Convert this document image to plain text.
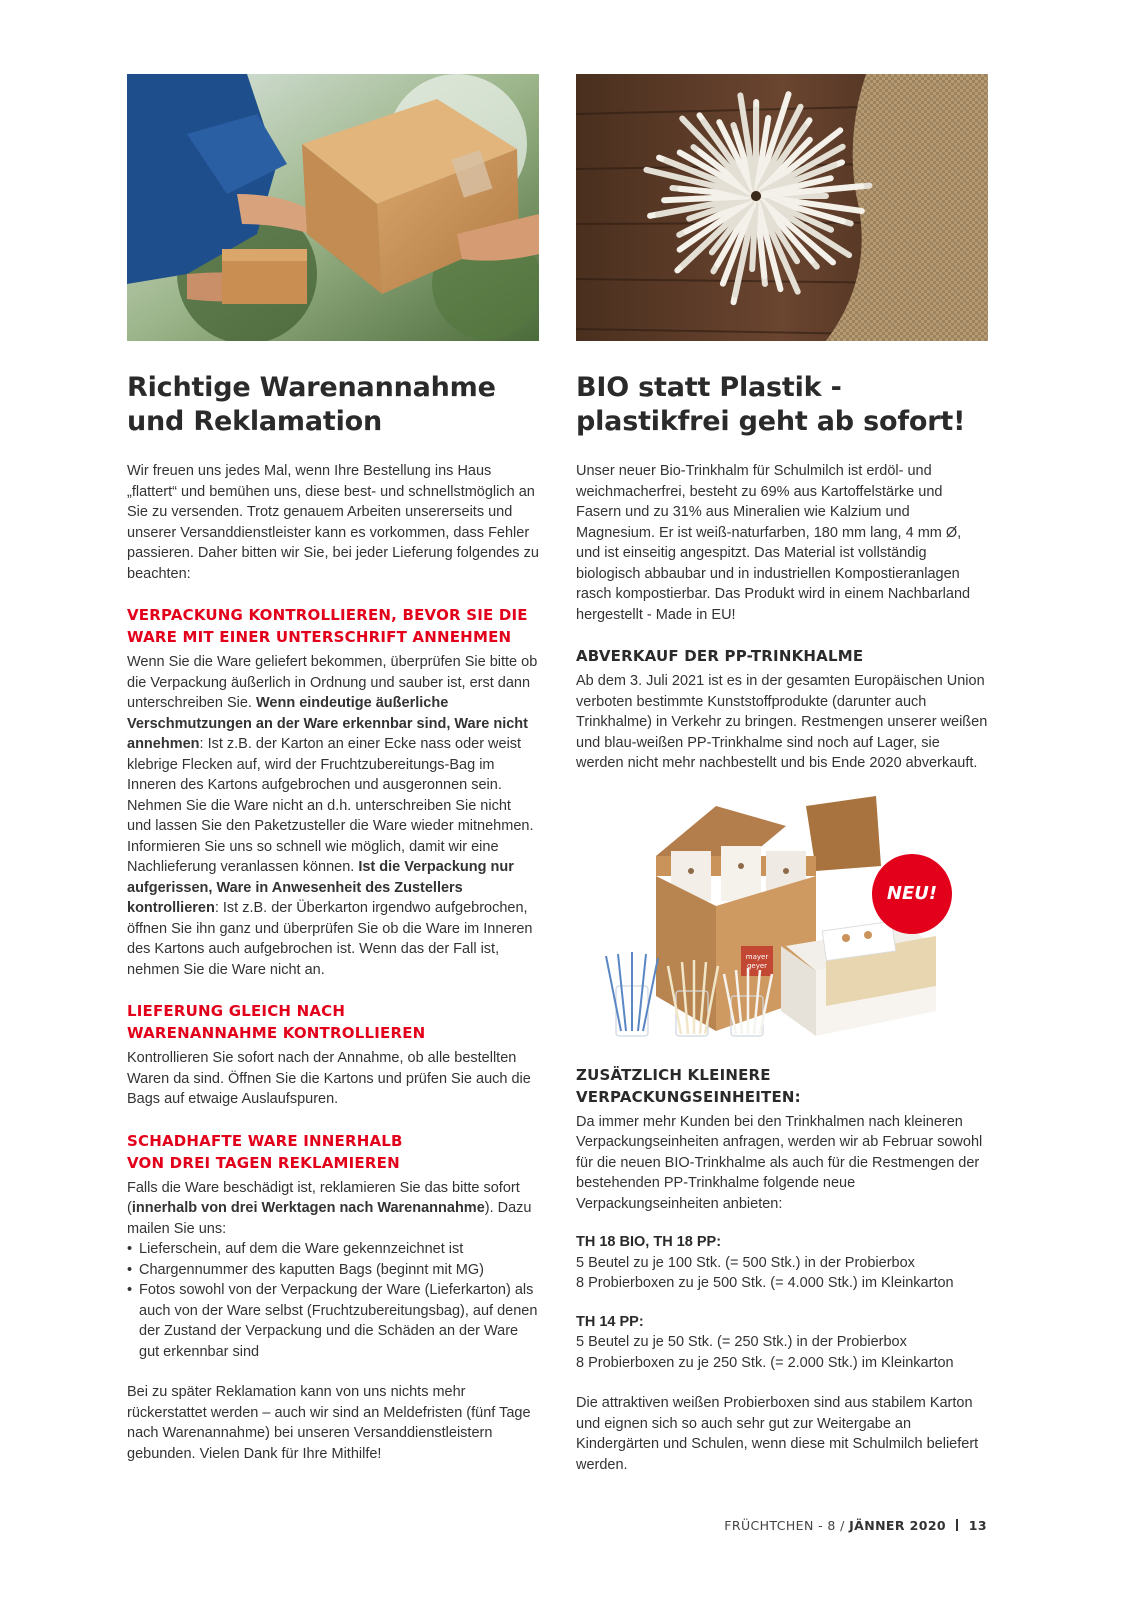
Richtige Warenannahme
und Reklamation

Wir freuen uns jedes Mal, wenn Ihre Bestellung ins Haus „flattert“ und bemühen uns, diese best- und schnellstmöglich an Sie zu versenden. Trotz genauem Arbeiten unsererseits und unserer Versanddienstleister kann es vorkommen, dass Fehler passieren. Daher bitten wir Sie, bei jeder Lieferung folgendes zu beachten:

VERPACKUNG KONTROLLIEREN, BEVOR SIE DIE
WARE MIT EINER UNTERSCHRIFT ANNEHMEN

Wenn Sie die Ware geliefert bekommen, überprüfen Sie bitte ob die Verpackung äußerlich in Ordnung und sauber ist, erst dann unterschreiben Sie. Wenn eindeutige äußerliche Verschmutzungen an der Ware erkennbar sind, Ware nicht annehmen: Ist z.B. der Karton an einer Ecke nass oder weist klebrige Flecken auf, wird der Fruchtzubereitungs-Bag im Inneren des Kartons aufgebrochen und ausgeronnen sein. Nehmen Sie die Ware nicht an d.h. unterschreiben Sie nicht und lassen Sie den Paketzusteller die Ware wieder mitnehmen. Informieren Sie uns so schnell wie möglich, damit wir eine Nachlieferung veranlassen können. Ist die Verpackung nur aufgerissen, Ware in Anwesenheit des Zustellers kontrollieren: Ist z.B. der Überkarton irgendwo aufgebrochen, öffnen Sie ihn ganz und überprüfen Sie ob die Ware im Inneren des Kartons auch aufgebrochen ist. Wenn das der Fall ist, nehmen Sie die Ware nicht an.

LIEFERUNG GLEICH NACH
WARENANNAHME KONTROLLIEREN

Kontrollieren Sie sofort nach der Annahme, ob alle bestellten Waren da sind. Öffnen Sie die Kartons und prüfen Sie auch die Bags auf etwaige Auslaufspuren.

SCHADHAFTE WARE INNERHALB
VON DREI TAGEN REKLAMIEREN

Falls die Ware beschädigt ist, reklamieren Sie das bitte sofort (innerhalb von drei Werktagen nach Warenannahme). Dazu mailen Sie uns:

• Lieferschein, auf dem die Ware gekennzeichnet ist
• Chargennummer des kaputten Bags (beginnt mit MG)
• Fotos sowohl von der Verpackung der Ware (Lieferkarton) als auch von der Ware selbst (Fruchtzubereitungsbag), auf denen der Zustand der Verpackung und die Schäden an der Ware gut erkennbar sind

Bei zu später Reklamation kann von uns nichts mehr rückerstattet werden – auch wir sind an Meldefristen (fünf Tage nach Warenannahme) bei unseren Versanddienstleistern gebunden. Vielen Dank für Ihre Mithilfe!

BIO statt Plastik -
plastikfrei geht ab sofort!

Unser neuer Bio-Trinkhalm für Schulmilch ist erdöl- und weichmacherfrei, besteht zu 69% aus Kartoffelstärke und Fasern und zu 31% aus Mineralien wie Kalzium und Magnesium. Er ist weiß-naturfarben, 180 mm lang, 4 mm Ø, und ist einseitig angespitzt. Das Material ist vollständig biologisch abbaubar und in industriellen Kompostieranlagen rasch kompostierbar. Das Produkt wird in einem Nachbarland hergestellt - Made in EU!

ABVERKAUF DER PP-TRINKHALME

Ab dem 3. Juli 2021 ist es in der gesamten Europäischen Union verboten bestimmte Kunststoffprodukte (darunter auch Trinkhalme) in Verkehr zu bringen. Restmengen unserer weißen und blau-weißen PP-Trinkhalme sind noch auf Lager, sie werden nicht mehr nachbestellt und bis Ende 2020 abverkauft.

mayer
geyer
NEU!
ZUSÄTZLICH KLEINERE
VERPACKUNGSEINHEITEN:

Da immer mehr Kunden bei den Trinkhalmen nach kleineren Verpackungseinheiten anfragen, werden wir ab Februar sowohl für die neuen BIO-Trinkhalme als auch für die Restmengen der bestehenden PP-Trinkhalme folgende neue Verpackungseinheiten anbieten:

TH 18 BIO, TH 18 PP:
5 Beutel zu je 100 Stk. (= 500 Stk.) in der Probierbox
8 Probierboxen zu je 500 Stk. (= 4.000 Stk.) im Kleinkarton
TH 14 PP:
5 Beutel zu je 50 Stk. (= 250 Stk.) in der Probierbox
8 Probierboxen zu je 250 Stk. (= 2.000 Stk.) im Kleinkarton

Die attraktiven weißen Probierboxen sind aus stabilem Karton und eignen sich so auch sehr gut zur Weitergabe an Kindergärten und Schulen, wenn diese mit Schulmilch beliefert werden.

FRÜCHTCHEN - 8 / JÄNNER 2020 13
